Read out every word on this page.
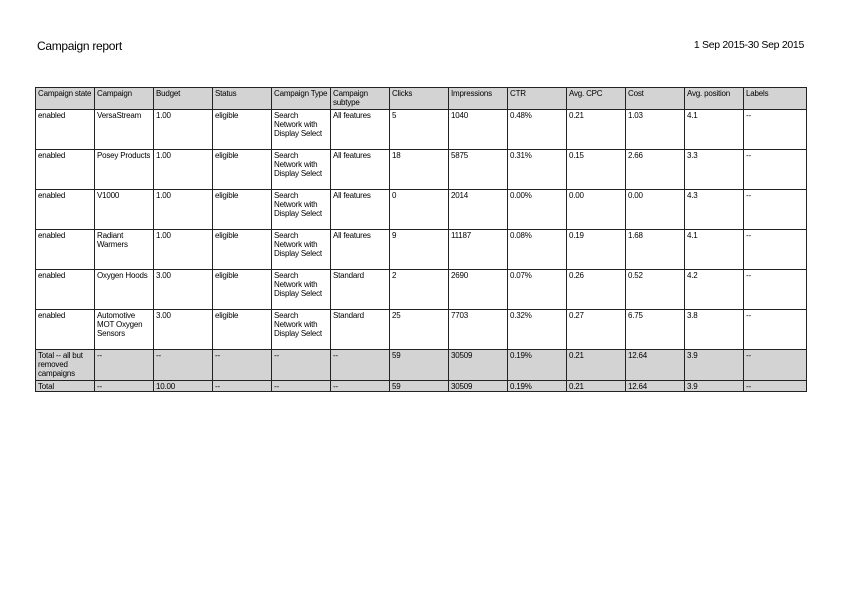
Campaign report	1 Sep 2015-30 Sep 2015
Campaign state	Campaign	Budget	Status	Campaign Type	Campaign subtype	Clicks	Impressions	CTR	Avg. CPC	Cost	Avg. position	Labels
enabled	VersaStream	1.00	eligible	Search Network with Display Select	All features	5	1040	0.48%	0.21	1.03	4.1	--
enabled	Posey Products	1.00	eligible	Search Network with Display Select	All features	18	5875	0.31%	0.15	2.66	3.3	--
enabled	V1000	1.00	eligible	Search Network with Display Select	All features	0	2014	0.00%	0.00	0.00	4.3	--
enabled	Radiant Warmers	1.00	eligible	Search Network with Display Select	All features	9	11187	0.08%	0.19	1.68	4.1	--
enabled	Oxygen Hoods	3.00	eligible	Search Network with Display Select	Standard	2	2690	0.07%	0.26	0.52	4.2	--
enabled	Automotive MOT Oxygen Sensors	3.00	eligible	Search Network with Display Select	Standard	25	7703	0.32%	0.27	6.75	3.8	--
Total -- all but removed campaigns	--	--	--	--	--	59	30509	0.19%	0.21	12.64	3.9	--
Total	--	10.00	--	--	--	59	30509	0.19%	0.21	12.64	3.9	--
